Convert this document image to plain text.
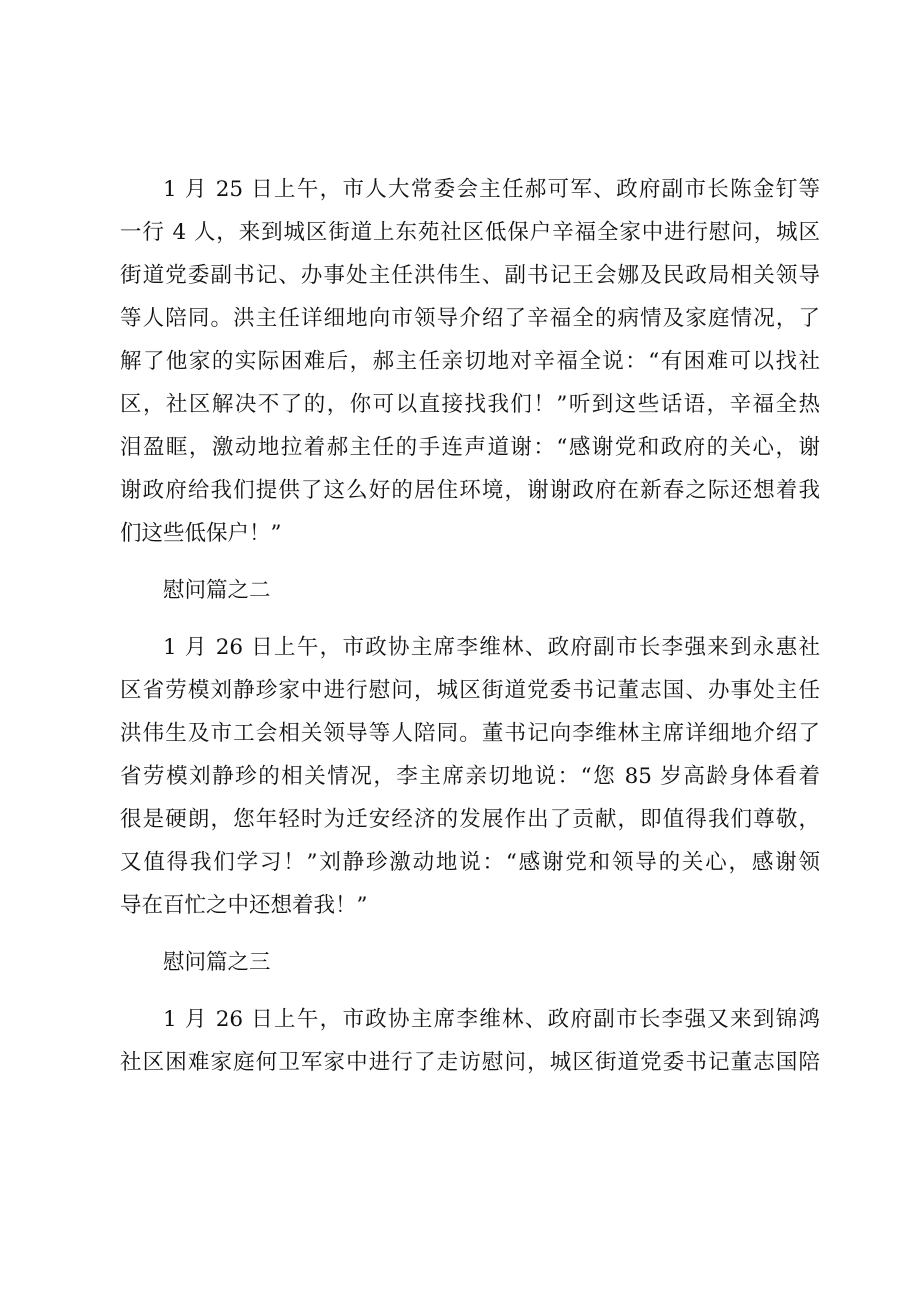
1 月 25 日上午，市人大常委会主任郝可军、政府副市长陈金钉等
一行 4 人，来到城区街道上东苑社区低保户辛福全家中进行慰问，城区
街道党委副书记、办事处主任洪伟生、副书记王会娜及民政局相关领导
等人陪同。洪主任详细地向市领导介绍了辛福全的病情及家庭情况，了
解了他家的实际困难后，郝主任亲切地对辛福全说：“有困难可以找社
区，社区解决不了的，你可以直接找我们！”听到这些话语，辛福全热
泪盈眶，激动地拉着郝主任的手连声道谢：“感谢党和政府的关心，谢
谢政府给我们提供了这么好的居住环境，谢谢政府在新春之际还想着我
们这些低保户！”
慰问篇之二
1 月 26 日上午，市政协主席李维林、政府副市长李强来到永惠社
区省劳模刘静珍家中进行慰问，城区街道党委书记董志国、办事处主任
洪伟生及市工会相关领导等人陪同。董书记向李维林主席详细地介绍了
省劳模刘静珍的相关情况，李主席亲切地说：“您 85 岁高龄身体看着
很是硬朗，您年轻时为迁安经济的发展作出了贡献，即值得我们尊敬，
又值得我们学习！”刘静珍激动地说：“感谢党和领导的关心，感谢领
导在百忙之中还想着我！”
慰问篇之三
1 月 26 日上午，市政协主席李维林、政府副市长李强又来到锦鸿
社区困难家庭何卫军家中进行了走访慰问，城区街道党委书记董志国陪
